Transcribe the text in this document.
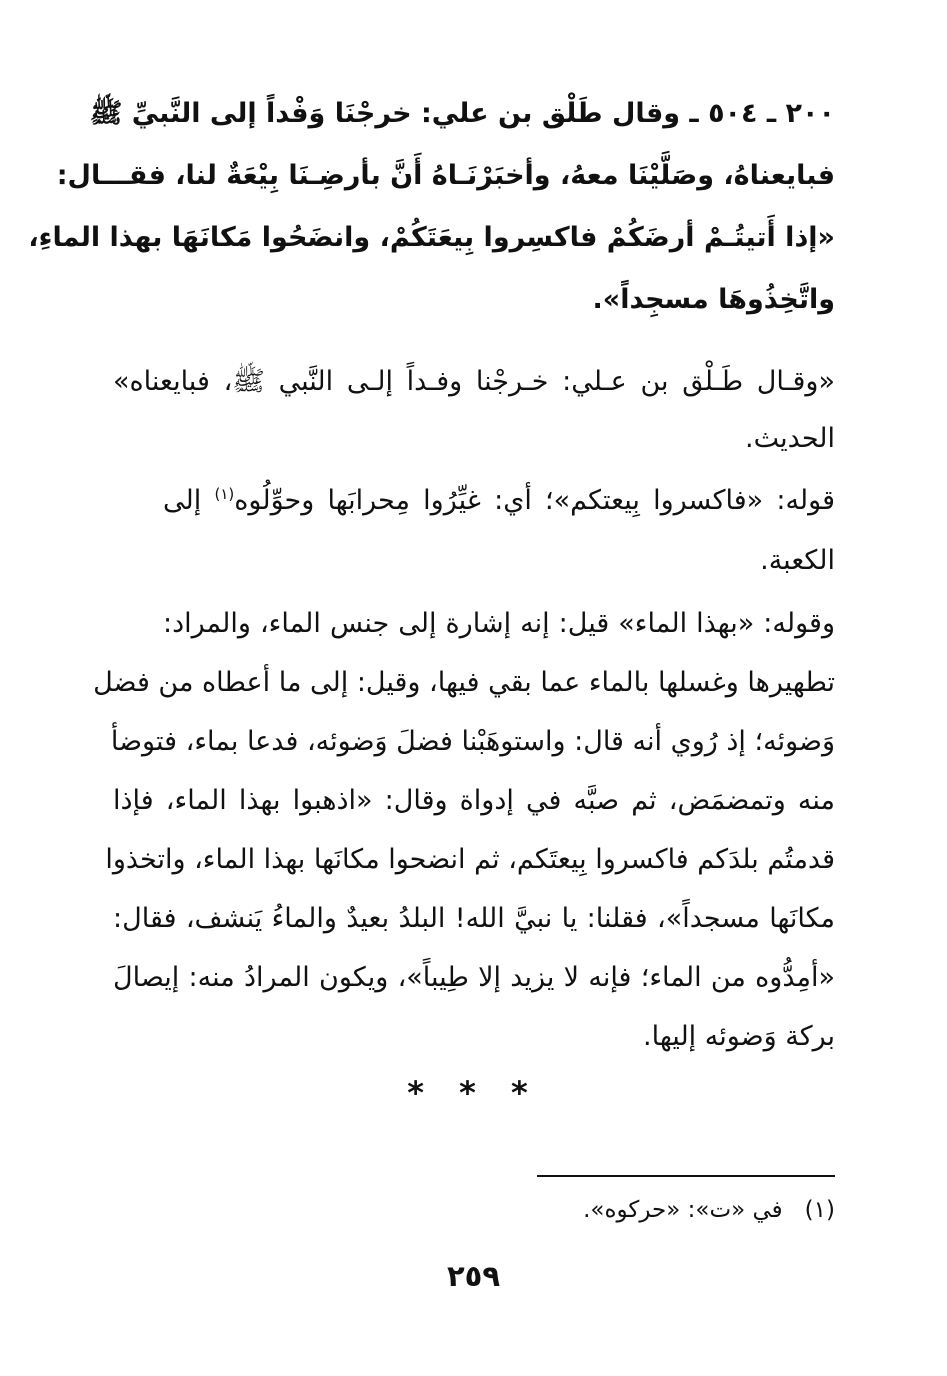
٢٠٠ ـ ٥٠٤ ـ وقال طَلْق بن علي: خرجْنَا وَفْداً إلى النَّبيِّ ﷺ
فبايعناهُ، وصَلَّيْنَا معهُ، وأخبَرْنَـاهُ أَنَّ بأرضِـنَا بِيْعَةٌ لنا، فقـــال:
«إذا أَتيتُـمْ أرضَكُمْ فاكسِروا بِيعَتَكُمْ، وانضَحُوا مَكانَهَا بهذا الماءِ،
واتَّخِذُوهَا مسجِداً».
«وقـال طَـلْق بن عـلي: خـرجْنا وفـداً إلـى النَّبي ﷺ، فبايعناه»
الحديث.
قوله: «فاكسروا بِيعتكم»؛ أي: غيِّرُوا مِحرابَها وحوِّلُوه$^{(١)}$ إلى
الكعبة.
وقوله: «بهذا الماء» قيل: إنه إشارة إلى جنس الماء، والمراد:
تطهيرها وغسلها بالماء عما بقي فيها، وقيل: إلى ما أعطاه من فضل
وَضوئه؛ إذ رُوي أنه قال: واستوهَبْنا فضلَ وَضوئه، فدعا بماء، فتوضأ
منه وتمضمَض، ثم صبَّه في إدواة وقال: «اذهبوا بهذا الماء، فإذا
قدمتُم بلدَكم فاكسروا بِيعتَكم، ثم انضحوا مكانَها بهذا الماء، واتخذوا
مكانَها مسجداً»، فقلنا: يا نبيَّ الله! البلدُ بعيدٌ والماءُ يَنشف، فقال:
«أمِدُّوه من الماء؛ فإنه لا يزيد إلا طِيباً»، ويكون المرادُ منه: إيصالَ
بركة وَضوئه إليها.
* * *
(١)في «ت»: «حركوه».
٢٥٩
